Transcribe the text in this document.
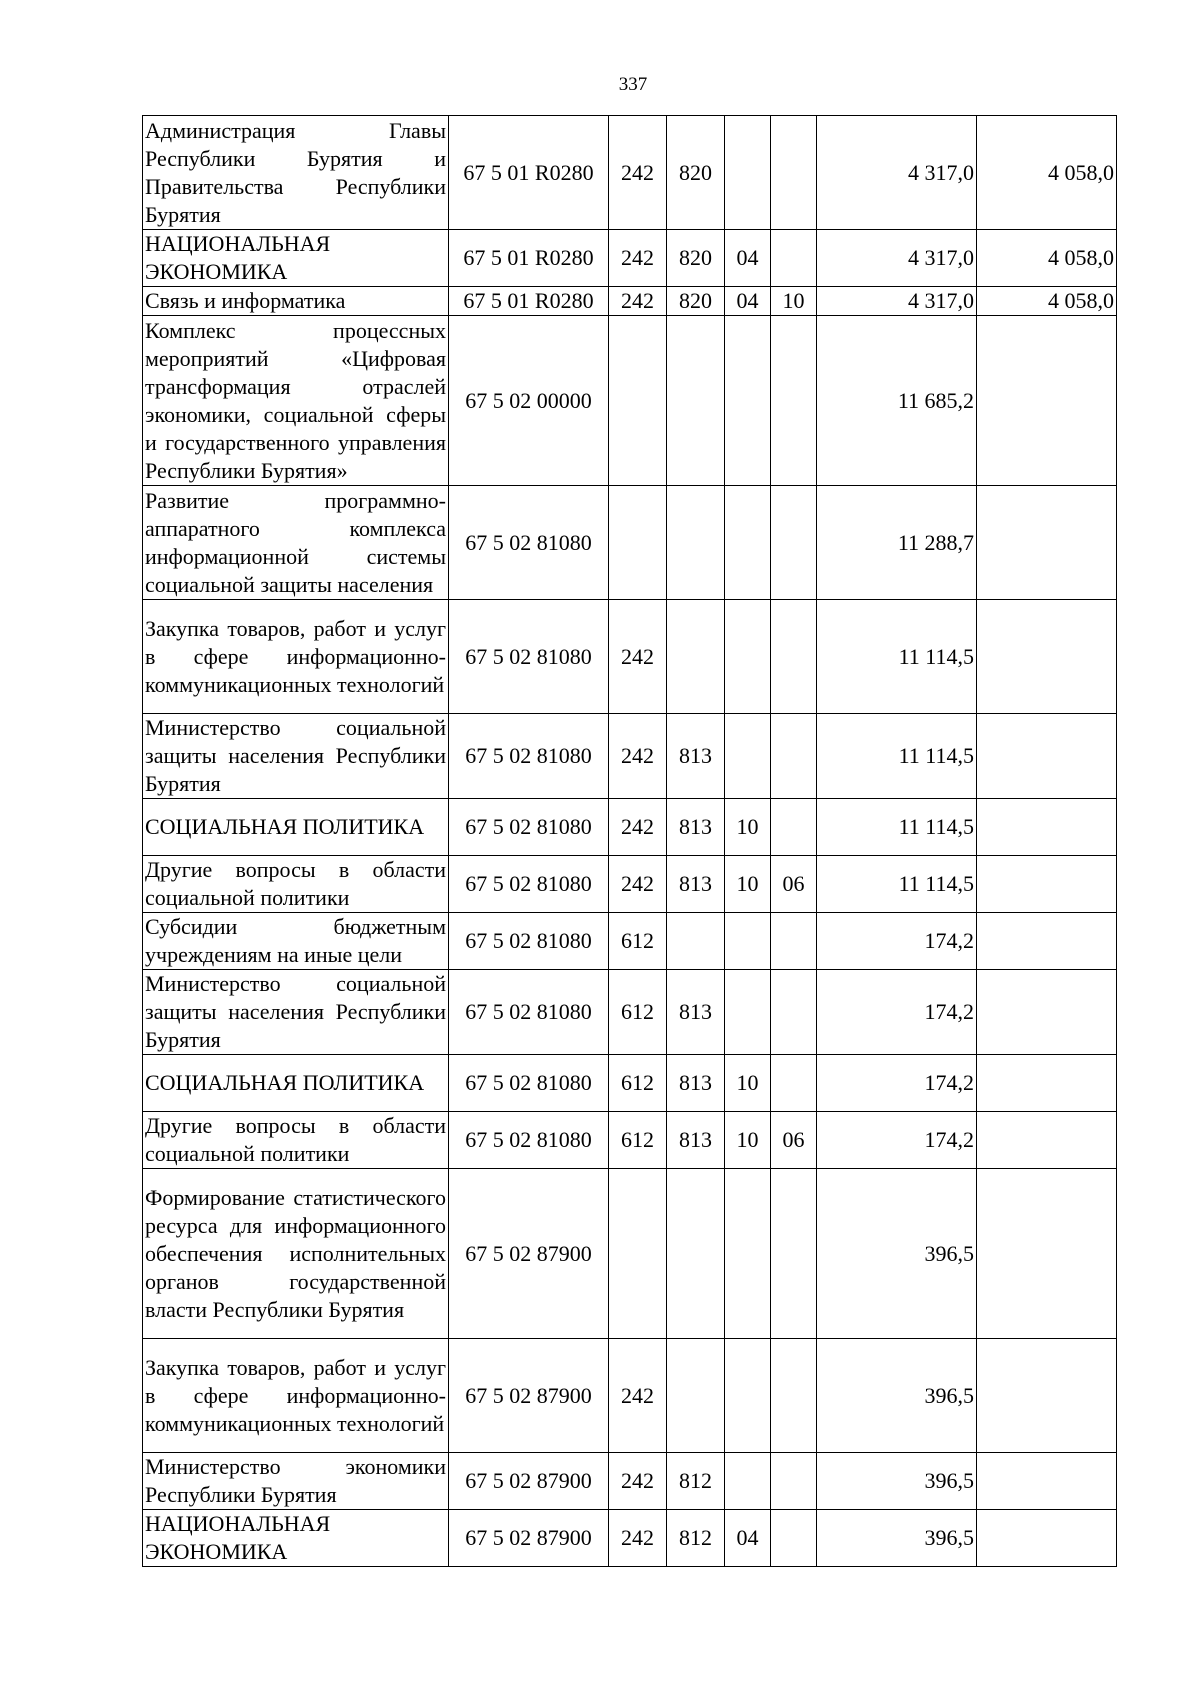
337
Администрация Главы Республики Бурятия и Правительства Республики Бурятия	67 5 01 R0280	242	820			4 317,0	4 058,0
НАЦИОНАЛЬНАЯ ЭКОНОМИКА	67 5 01 R0280	242	820	04		4 317,0	4 058,0
Связь и информатика	67 5 01 R0280	242	820	04	10	4 317,0	4 058,0
Комплекс процессных мероприятий «Цифровая трансформация отраслей экономики, социальной сферы и государственного управления Республики Бурятия»	67 5 02 00000					11 685,2	
Развитие программно-аппаратного комплекса информационной системы социальной защиты населения	67 5 02 81080					11 288,7	
Закупка товаров, работ и услуг в сфере информационно-коммуникационных технологий	67 5 02 81080	242				11 114,5	
Министерство социальной защиты населения Республики Бурятия	67 5 02 81080	242	813			11 114,5	
СОЦИАЛЬНАЯ ПОЛИТИКА	67 5 02 81080	242	813	10		11 114,5	
Другие вопросы в области социальной политики	67 5 02 81080	242	813	10	06	11 114,5	
Субсидии бюджетным учреждениям на иные цели	67 5 02 81080	612				174,2	
Министерство социальной защиты населения Республики Бурятия	67 5 02 81080	612	813			174,2	
СОЦИАЛЬНАЯ ПОЛИТИКА	67 5 02 81080	612	813	10		174,2	
Другие вопросы в области социальной политики	67 5 02 81080	612	813	10	06	174,2	
Формирование статистического ресурса для информационного обеспечения исполнительных органов государственной власти Республики Бурятия	67 5 02 87900					396,5	
Закупка товаров, работ и услуг в сфере информационно-коммуникационных технологий	67 5 02 87900	242				396,5	
Министерство экономики Республики Бурятия	67 5 02 87900	242	812			396,5	
НАЦИОНАЛЬНАЯ ЭКОНОМИКА	67 5 02 87900	242	812	04		396,5	
